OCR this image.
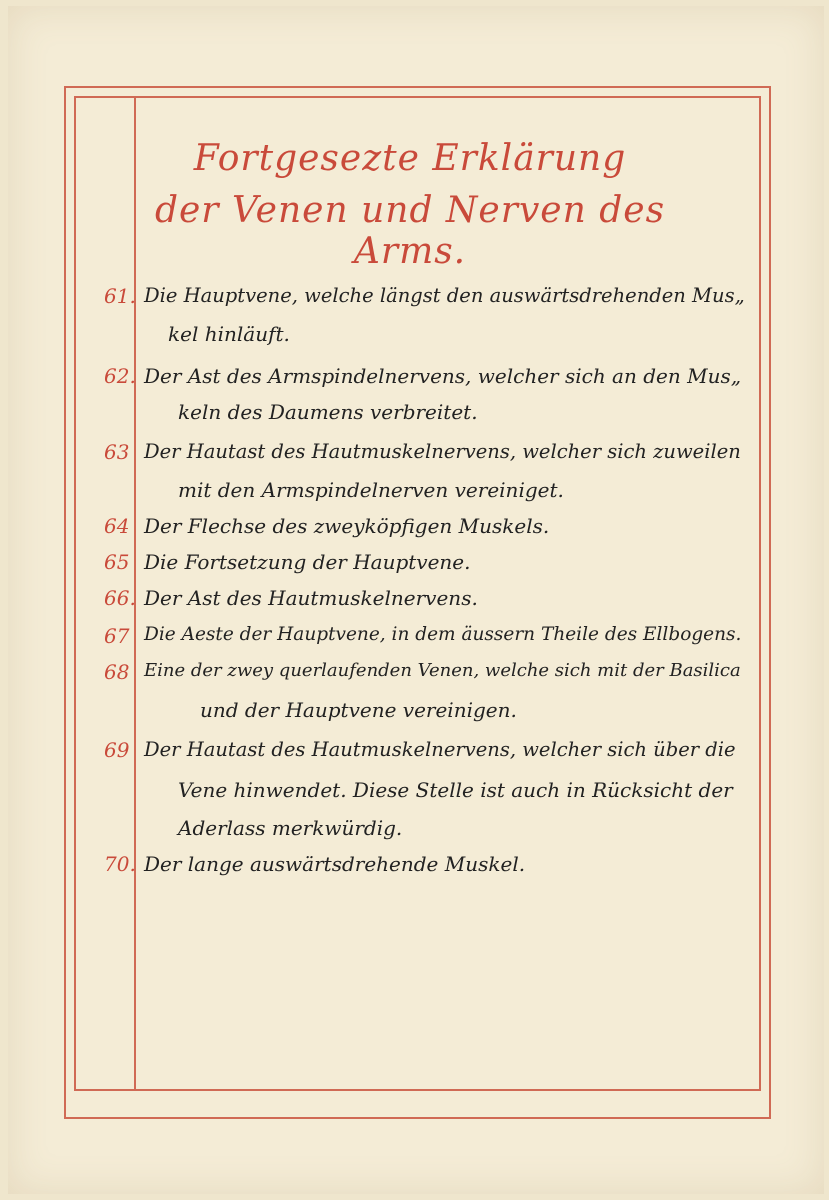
Fortgesezte Erklärung
der Venen und Nerven des Arms.
61. Die Hauptvene, welche längst den auswärtsdrehenden Mus„
kel hinläuft.
62. Der Ast des Armspindelnervens, welcher sich an den Mus„
keln des Daumens verbreitet.
63 Der Hautast des Hautmuskelnervens, welcher sich zuweilen
mit den Armspindelnerven vereiniget.
64 Der Flechse des zweyköpfigen Muskels.
65 Die Fortsetzung der Hauptvene.
66. Der Ast des Hautmuskelnervens.
67 Die Aeste der Hauptvene, in dem äussern Theile des Ellbogens.
68 Eine der zwey querlaufenden Venen, welche sich mit der Basilica
und der Hauptvene vereinigen.
69 Der Hautast des Hautmuskelnervens, welcher sich über die
Vene hinwendet. Diese Stelle ist auch in Rücksicht der
Aderlass merkwürdig.
70. Der lange auswärtsdrehende Muskel.
